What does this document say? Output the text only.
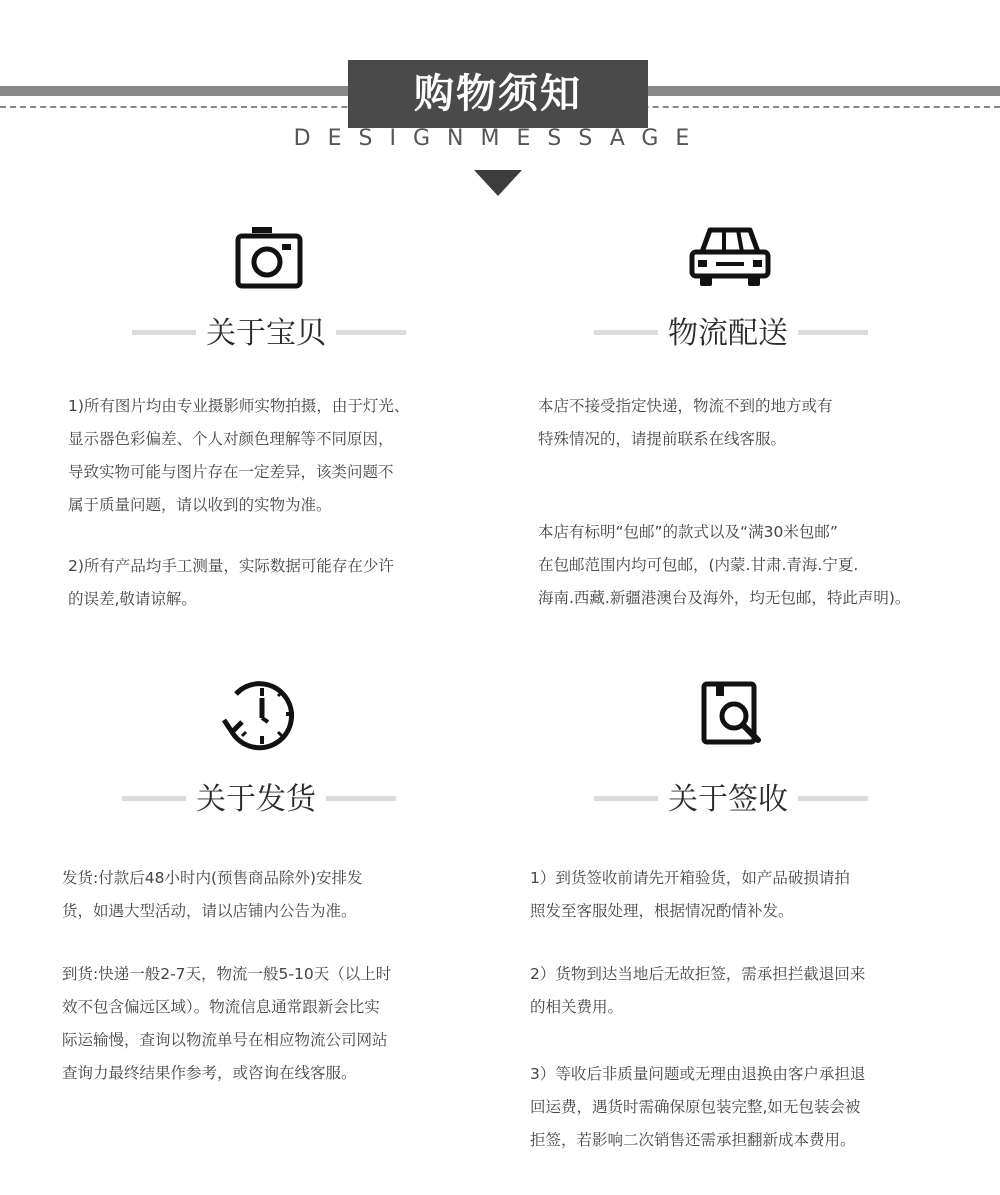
购物须知
DESIGNMESSAGE
关于宝贝
1)所有图片均由专业摄影师实物拍摄，由于灯光、
显示器色彩偏差、个人对颜色理解等不同原因，
导致实物可能与图片存在一定差异，该类问题不
属于质量问题，请以收到的实物为准。
2)所有产品均手工测量，实际数据可能存在少许
的误差,敬请谅解。
物流配送
本店不接受指定快递，物流不到的地方或有
特殊情况的，请提前联系在线客服。
本店有标明“包邮”的款式以及“满30米包邮”
在包邮范围内均可包邮，(内蒙.甘肃.青海.宁夏.
海南.西藏.新疆港澳台及海外，均无包邮，特此声明)。
关于发货
发货:付款后48小时内(预售商品除外)安排发
货，如遇大型活动，请以店铺内公告为准。
到货:快递一般2-7天，物流一般5-10天（以上时
效不包含偏远区域）。物流信息通常跟新会比实
际运输慢，查询以物流单号在相应物流公司网站
查询力最终结果作参考，或咨询在线客服。
关于签收
1）到货签收前请先开箱验货，如产品破损请拍
照发至客服处理，根据情况酌情补发。
2）货物到达当地后无故拒签，需承担拦截退回来
的相关费用。
3）等收后非质量问题或无理由退换由客户承担退
回运费，遇货时需确保原包装完整,如无包装会被
拒签，若影响二次销售还需承担翻新成本费用。
